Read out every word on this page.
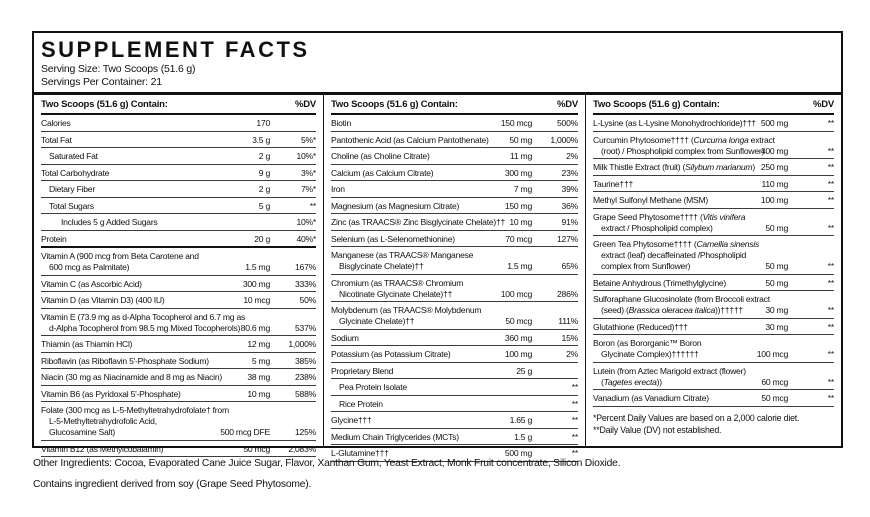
SUPPLEMENT FACTS
Serving Size: Two Scoops (51.6 g)
Servings Per Container: 21
Two Scoops (51.6 g) Contain:	%DV
Calories	170
Total Fat	3.5 g	5%*
Saturated Fat	2 g	10%*
Total Carbohydrate	9 g	3%*
Dietary Fiber	2 g	7%*
Total Sugars	5 g	**
Includes 5 g Added Sugars	10%*
Protein	20 g	40%*
Vitamin A (900 mcg from Beta Carotene and
600 mcg as Palmitate)	1.5 mg	167%
Vitamin C (as Ascorbic Acid)	300 mg	333%
Vitamin D (as Vitamin D3) (400 IU)	10 mcg	50%
Vitamin E (73.9 mg as d-Alpha Tocopherol and 6.7 mg as
d-Alpha Tocopherol from 98.5 mg Mixed Tocopherols) 80.6 mg	537%
Thiamin (as Thiamin HCl)	12 mg 1,000%
Riboflavin (as Riboflavin 5'-Phosphate Sodium)	5 mg	385%
Niacin (30 mg as Niacinamide and 8 mg as Niacin)	38 mg	238%
Vitamin B6 (as Pyridoxal 5'-Phosphate)	10 mg	588%
Folate (300 mcg as L-5-Methyltetrahydrofolate† from
L-5-Methyltetrahydrofolic Acid,
Glucosamine Salt)	500 mcg DFE	125%
Vitamin B12 (as Methylcobalamin)	50 mcg 2,083%
Two Scoops (51.6 g) Contain:	%DV
Biotin	150 mcg	500%
Pantothenic Acid (as Calcium Pantothenate)	50 mg 1,000%
Choline (as Choline Citrate)	11 mg	2%
Calcium (as Calcium Citrate)	300 mg	23%
Iron	7 mg	39%
Magnesium (as Magnesium Citrate)	150 mg	36%
Zinc (as TRAACS® Zinc Bisglycinate Chelate)†† 10 mg	91%
Selenium (as L-Selenomethionine)	70 mcg	127%
Manganese (as TRAACS® Manganese
Bisglycinate Chelate)††	1.5 mg	65%
Chromium (as TRAACS® Chromium
Nicotinate Glycinate Chelate)††	100 mcg	286%
Molybdenum (as TRAACS® Molybdenum
Glycinate Chelate)††	50 mcg	111%
Sodium	360 mg	15%
Potassium (as Potassium Citrate)	100 mg	2%
Proprietary Blend	25 g
Pea Protein Isolate	**
Rice Protein	**
Glycine†††	1.65 g	**
Medium Chain Triglycerides (MCTs)	1.5 g	**
L-Glutamine†††	500 mg	**
Two Scoops (51.6 g) Contain:	%DV
L-Lysine (as L-Lysine Monohydrochloride)††† 500 mg	**
Curcumin Phytosome†††† (Curcuma longa extract
(root) / Phospholipid complex from Sunflower)
400 mg	**
Milk Thistle Extract (fruit) (Silybum marianum) 250 mg	**
Taurine†††	110 mg	**
Methyl Sulfonyl Methane (MSM)	100 mg	**
Grape Seed Phytosome†††† (Vitis vinifera
extract / Phospholipid complex)	50 mg	**
Green Tea Phytosome†††† (Camellia sinensis
extract (leaf) decaffeinated /Phospholipid
complex from Sunflower)	50 mg	**
Betaine Anhydrous (Trimethylglycine)	50 mg	**
Sulforaphane Glucosinolate (from Broccoli extract
(seed) (Brassica oleracea italica))†††††	30 mg	**
Glutathione (Reduced)†††	30 mg	**
Boron (as Bororganic™ Boron
Glycinate Complex)††††††	100 mcg	**
Lutein (from Aztec Marigold extract (flower)
(Tagetes erecta))	60 mcg	**
Vanadium (as Vanadium Citrate)	50 mcg	**
*Percent Daily Values are based on a 2,000 calorie diet.
**Daily Value (DV) not established.
Other Ingredients: Cocoa, Evaporated Cane Juice Sugar, Flavor, Xanthan Gum, Yeast Extract, Monk Fruit concentrate, Silicon Dioxide.
Contains ingredient derived from soy (Grape Seed Phytosome).
